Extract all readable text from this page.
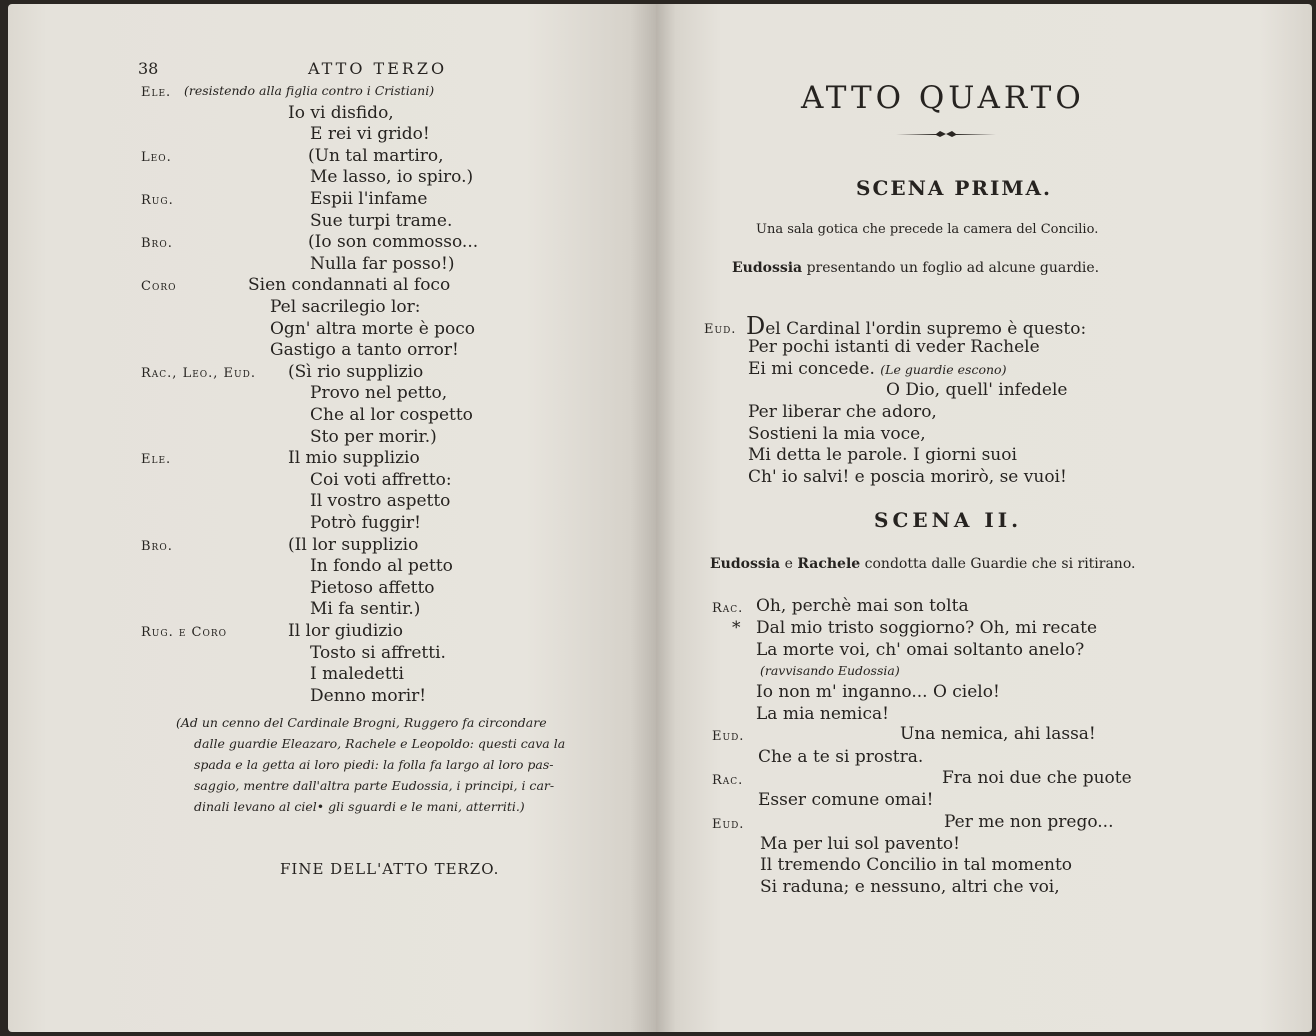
38	ATTO TERZO
Ele. (resistendo alla figlia contro i Cristiani)
Io vi disfido,
E rei vi grido!
Leo.	(Un tal martiro,
Me lasso, io spiro.)
Rug.	Espii l'infame
Sue turpi trame.
Bro.	(Io son commosso...
Nulla far posso!)
Coro	Sien condannati al foco
Pel sacrilegio lor:
Ogn' altra morte è poco
Gastigo a tanto orror!
Rac., Leo., Eud. (Sì rio supplizio
Provo nel petto,
Che al lor cospetto
Sto per morir.)
Ele.	Il mio supplizio
Coi voti affretto:
Il vostro aspetto
Potrò fuggir!
Bro.	(Il lor supplizio
In fondo al petto
Pietoso affetto
Mi fa sentir.)
Rug. e Coro	Il lor giudizio
Tosto si affretti.
I maledetti
Denno morir!
(Ad un cenno del Cardinale Brogni, Ruggero fa circondare
dalle guardie Eleazaro, Rachele e Leopoldo: questi cava la
spada e la getta ai loro piedi: la folla fa largo al loro pas-
saggio, mentre dall'altra parte Eudossia, i principi, i car-
dinali levano al ciel• gli sguardi e le mani, atterriti.)
FINE DELL'ATTO TERZO.
ATTO QUARTO
SCENA PRIMA.
Una sala gotica che precede la camera del Concilio.
Eudossia presentando un foglio ad alcune guardie.
Eud. Del Cardinal l'ordin supremo è questo:
Per pochi istanti di veder Rachele
Ei mi concede. (Le guardie escono)
O Dio, quell' infedele
Per liberar che adoro,
Sostieni la mia voce,
Mi detta le parole. I giorni suoi
Ch' io salvi! e poscia morirò, se vuoi!
SCENA II.
Eudossia e Rachele condotta dalle Guardie che si ritirano.
Rac. Oh, perchè mai son tolta
* Dal mio tristo soggiorno? Oh, mi recate
La morte voi, ch' omai soltanto anelo?
(ravvisando Eudossia)
Io non m' inganno... O cielo!
La mia nemica!
Eud.	Una nemica, ahi lassa!
Che a te si prostra.
Rac.	Fra noi due che puote
Esser comune omai!
Eud.	Per me non prego...
Ma per lui sol pavento!
Il tremendo Concilio in tal momento
Si raduna; e nessuno, altri che voi,
